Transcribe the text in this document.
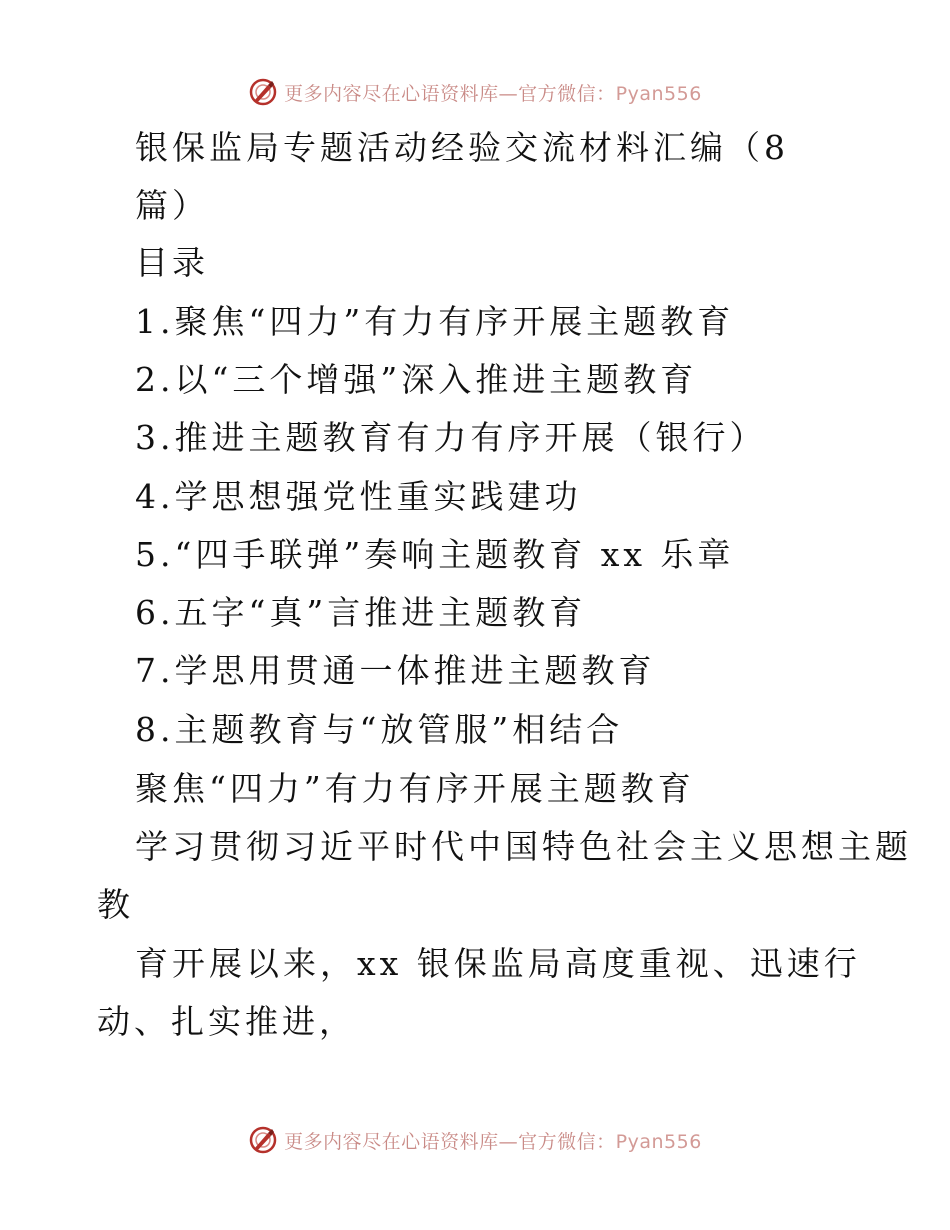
更多内容尽在心语资料库—官方微信：Pyan556
银保监局专题活动经验交流材料汇编（8
篇）
目录
1.聚焦“四力”有力有序开展主题教育
2.以“三个增强”深入推进主题教育
3.推进主题教育有力有序开展（银行）
4.学思想强党性重实践建功
5.“四手联弹”奏响主题教育 xx 乐章
6.五字“真”言推进主题教育
7.学思用贯通一体推进主题教育
8.主题教育与“放管服”相结合
聚焦“四力”有力有序开展主题教育
学习贯彻习近平时代中国特色社会主义思想主题
教
育开展以来，xx 银保监局高度重视、迅速行
动、扎实推进，
更多内容尽在心语资料库—官方微信：Pyan556
